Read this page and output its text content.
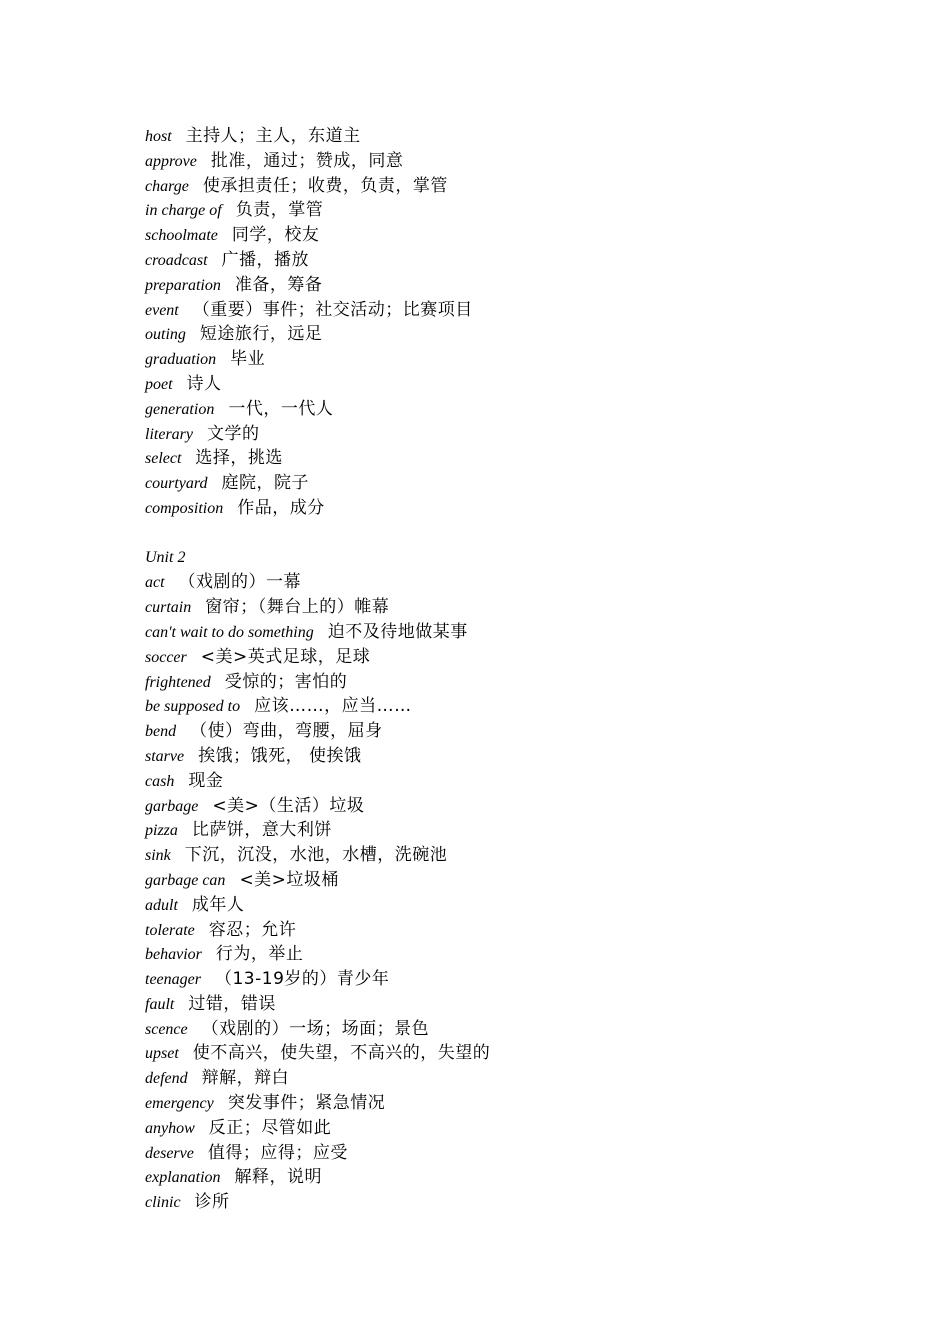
host 主持人；主人，东道主
approve 批准，通过；赞成，同意
charge 使承担责任；收费，负责，掌管
in charge of 负责，掌管
schoolmate 同学，校友
croadcast 广播，播放
preparation 准备，筹备
event （重要）事件；社交活动；比赛项目
outing 短途旅行，远足
graduation 毕业
poet 诗人
generation 一代，一代人
literary 文学的
select 选择，挑选
courtyard 庭院，院子
composition 作品，成分
Unit 2
act （戏剧的）一幕
curtain 窗帘；（舞台上的）帷幕
can't wait to do something 迫不及待地做某事
soccer <美>英式足球，足球
frightened 受惊的；害怕的
be supposed to 应该……，应当……
bend （使）弯曲，弯腰，屈身
starve 挨饿；饿死， 使挨饿
cash 现金
garbage <美>（生活）垃圾
pizza 比萨饼，意大利饼
sink 下沉，沉没，水池，水槽，洗碗池
garbage can <美>垃圾桶
adult 成年人
tolerate 容忍；允许
behavior 行为，举止
teenager （13-19岁的）青少年
fault 过错，错误
scence （戏剧的）一场；场面；景色
upset 使不高兴，使失望，不高兴的，失望的
defend 辩解，辩白
emergency 突发事件；紧急情况
anyhow 反正；尽管如此
deserve 值得；应得；应受
explanation 解释，说明
clinic 诊所
